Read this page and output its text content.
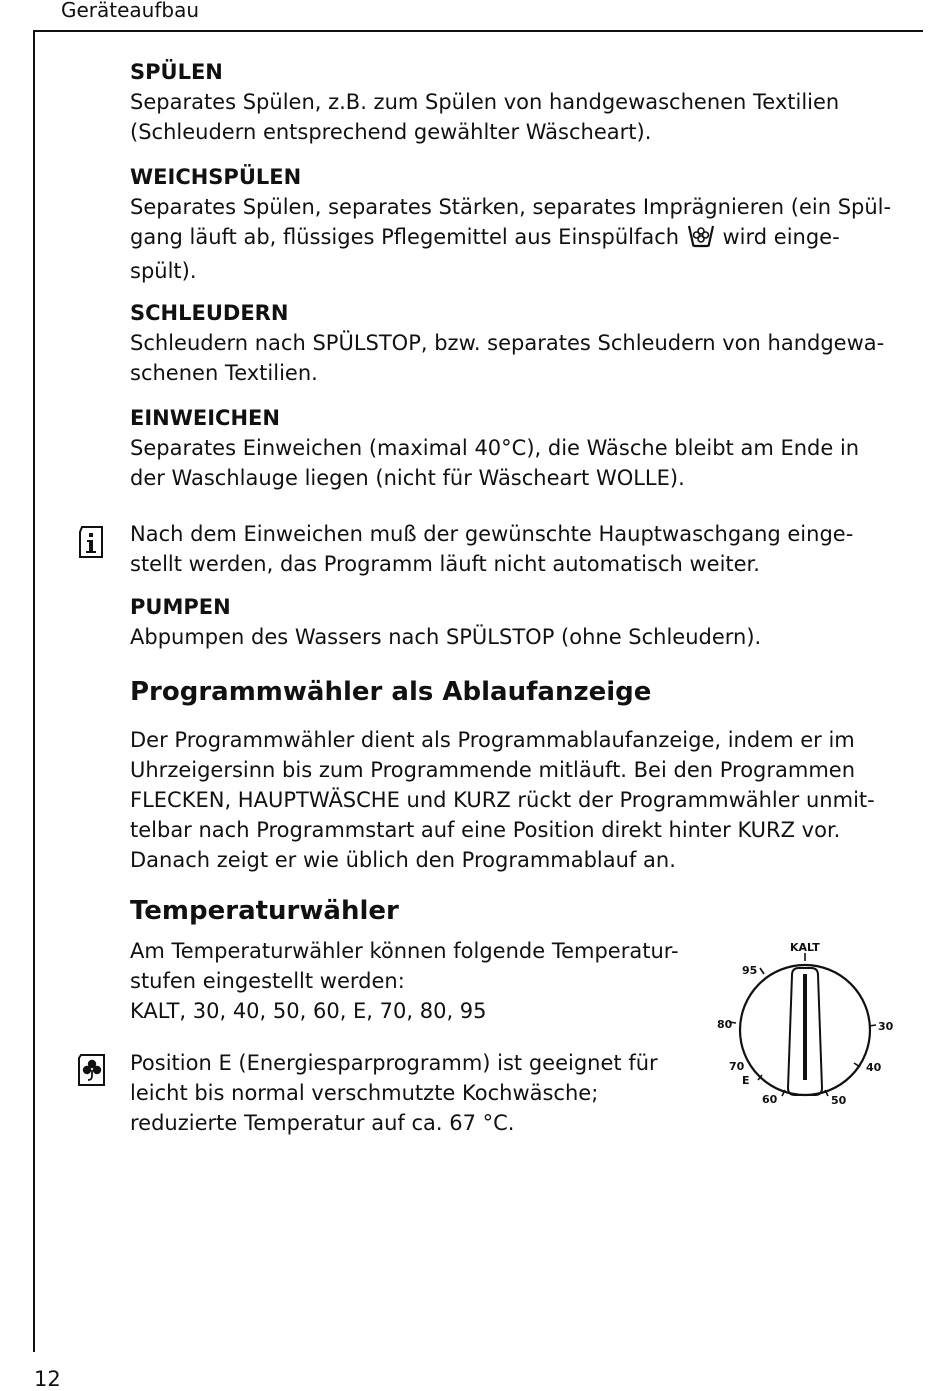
Geräteaufbau
SPÜLEN
Separates Spülen, z.B. zum Spülen von handgewaschenen Textilien
(Schleudern entsprechend gewählter Wäscheart).
WEICHSPÜLEN
Separates Spülen, separates Stärken, separates Imprägnieren (ein Spül-
gang läuft ab, flüssiges Pflegemittel aus Einspülfach wird einge-
spült).
SCHLEUDERN
Schleudern nach SPÜLSTOP, bzw. separates Schleudern von handgewa-
schenen Textilien.
EINWEICHEN
Separates Einweichen (maximal 40°C), die Wäsche bleibt am Ende in
der Waschlauge liegen (nicht für Wäscheart WOLLE).
Nach dem Einweichen muß der gewünschte Hauptwaschgang einge-
stellt werden, das Programm läuft nicht automatisch weiter.
PUMPEN
Abpumpen des Wassers nach SPÜLSTOP (ohne Schleudern).
Programmwähler als Ablaufanzeige
Der Programmwähler dient als Programmablaufanzeige, indem er im
Uhrzeigersinn bis zum Programmende mitläuft. Bei den Programmen
FLECKEN, HAUPTWÄSCHE und KURZ rückt der Programmwähler unmit-
telbar nach Programmstart auf eine Position direkt hinter KURZ vor.
Danach zeigt er wie üblich den Programmablauf an.
Temperaturwähler
Am Temperaturwähler können folgende Temperatur-
stufen eingestellt werden:
KALT, 30, 40, 50, 60, E, 70, 80, 95
Position E (Energiesparprogramm) ist geeignet für
leicht bis normal verschmutzte Kochwäsche;
reduzierte Temperatur auf ca. 67 °C.
KALT
95
80	30
40
70
E
60	50
12
